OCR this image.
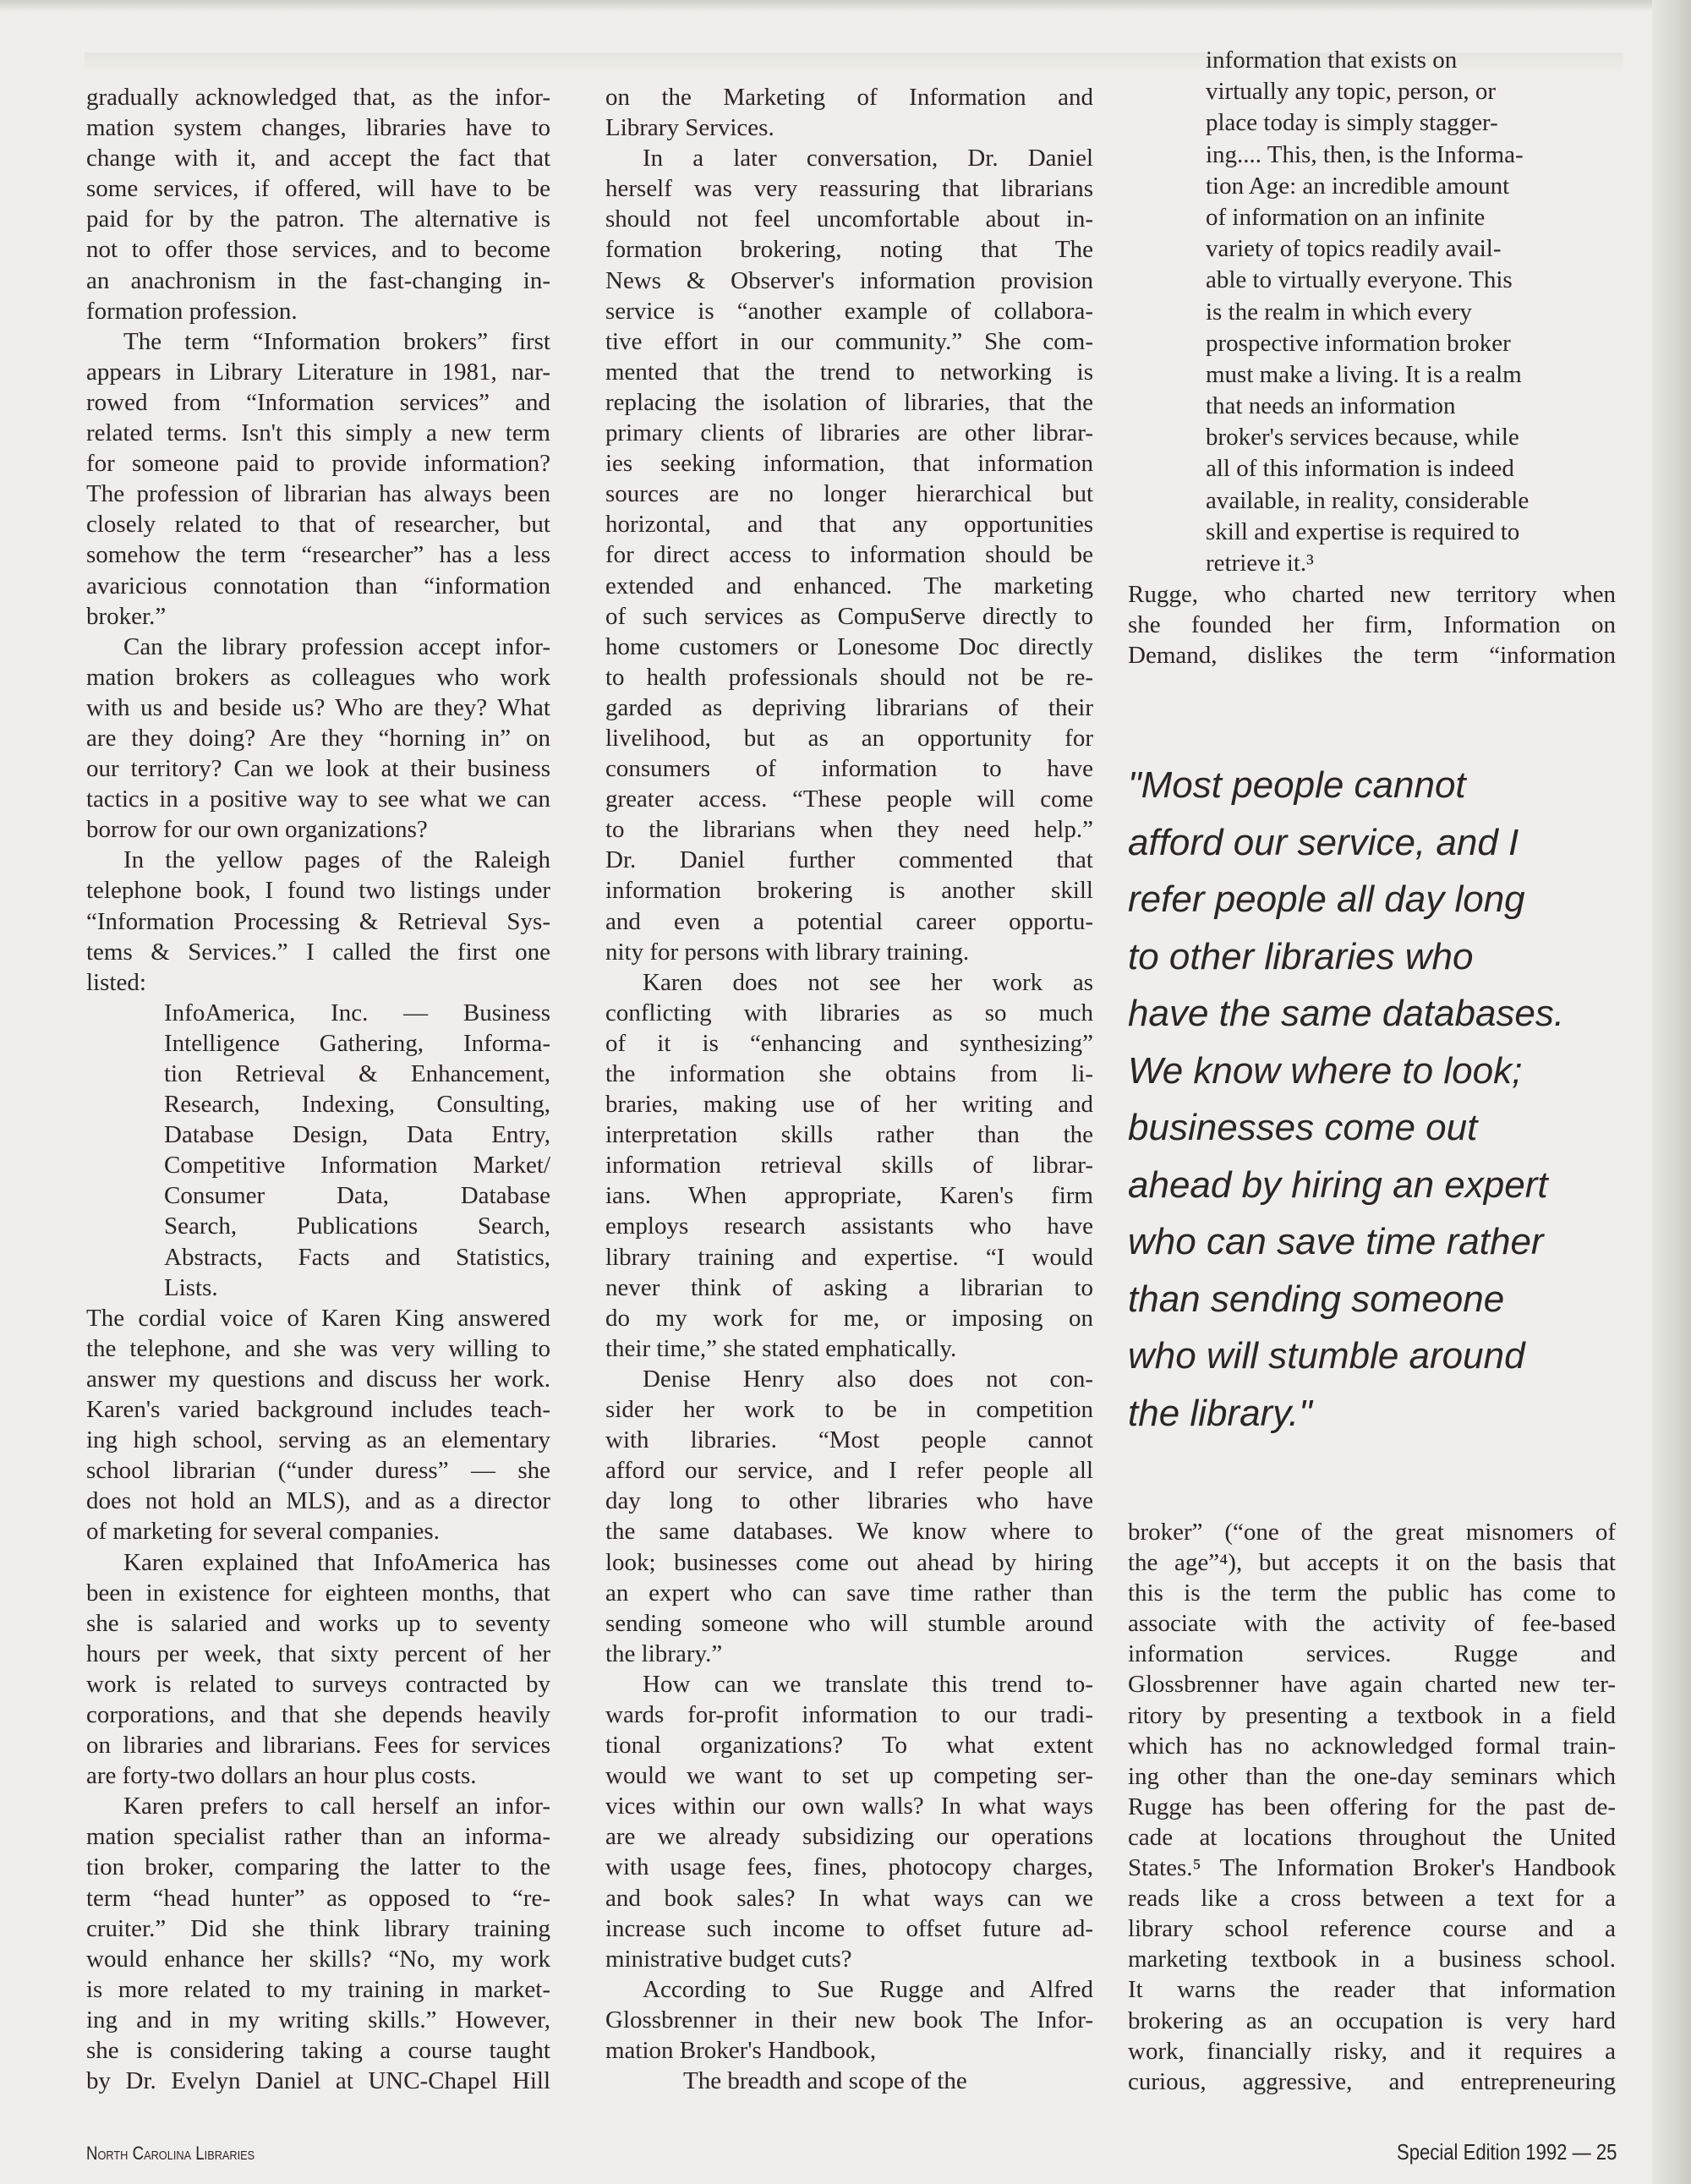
gradually acknowledged that, as the infor-
mation system changes, libraries have to
change with it, and accept the fact that
some services, if offered, will have to be
paid for by the patron. The alternative is
not to offer those services, and to become
an anachronism in the fast-changing in-
formation profession.
The term “Information brokers” first
appears in Library Literature in 1981, nar-
rowed from “Information services” and
related terms. Isn't this simply a new term
for someone paid to provide information?
The profession of librarian has always been
closely related to that of researcher, but
somehow the term “researcher” has a less
avaricious connotation than “information
broker.”
Can the library profession accept infor-
mation brokers as colleagues who work
with us and beside us? Who are they? What
are they doing? Are they “horning in” on
our territory? Can we look at their business
tactics in a positive way to see what we can
borrow for our own organizations?
In the yellow pages of the Raleigh
telephone book, I found two listings under
“Information Processing & Retrieval Sys-
tems & Services.” I called the first one
listed:
InfoAmerica, Inc. — Business
Intelligence Gathering, Informa-
tion Retrieval & Enhancement,
Research, Indexing, Consulting,
Database Design, Data Entry,
Competitive Information Market/
Consumer Data, Database
Search, Publications Search,
Abstracts, Facts and Statistics,
Lists.
The cordial voice of Karen King answered
the telephone, and she was very willing to
answer my questions and discuss her work.
Karen's varied background includes teach-
ing high school, serving as an elementary
school librarian (“under duress” — she
does not hold an MLS), and as a director
of marketing for several companies.
Karen explained that InfoAmerica has
been in existence for eighteen months, that
she is salaried and works up to seventy
hours per week, that sixty percent of her
work is related to surveys contracted by
corporations, and that she depends heavily
on libraries and librarians. Fees for services
are forty-two dollars an hour plus costs.
Karen prefers to call herself an infor-
mation specialist rather than an informa-
tion broker, comparing the latter to the
term “head hunter” as opposed to “re-
cruiter.” Did she think library training
would enhance her skills? “No, my work
is more related to my training in market-
ing and in my writing skills.” However,
she is considering taking a course taught
by Dr. Evelyn Daniel at UNC-Chapel Hill
on the Marketing of Information and
Library Services.
In a later conversation, Dr. Daniel
herself was very reassuring that librarians
should not feel uncomfortable about in-
formation brokering, noting that The
News & Observer's information provision
service is “another example of collabora-
tive effort in our community.” She com-
mented that the trend to networking is
replacing the isolation of libraries, that the
primary clients of libraries are other librar-
ies seeking information, that information
sources are no longer hierarchical but
horizontal, and that any opportunities
for direct access to information should be
extended and enhanced. The marketing
of such services as CompuServe directly to
home customers or Lonesome Doc directly
to health professionals should not be re-
garded as depriving librarians of their
livelihood, but as an opportunity for
consumers of information to have
greater access. “These people will come
to the librarians when they need help.”
Dr. Daniel further commented that
information brokering is another skill
and even a potential career opportu-
nity for persons with library training.
Karen does not see her work as
conflicting with libraries as so much
of it is “enhancing and synthesizing”
the information she obtains from li-
braries, making use of her writing and
interpretation skills rather than the
information retrieval skills of librar-
ians. When appropriate, Karen's firm
employs research assistants who have
library training and expertise. “I would
never think of asking a librarian to
do my work for me, or imposing on
their time,” she stated emphatically.
Denise Henry also does not con-
sider her work to be in competition
with libraries. “Most people cannot
afford our service, and I refer people all
day long to other libraries who have
the same databases. We know where to
look; businesses come out ahead by hiring
an expert who can save time rather than
sending someone who will stumble around
the library.”
How can we translate this trend to-
wards for-profit information to our tradi-
tional organizations? To what extent
would we want to set up competing ser-
vices within our own walls? In what ways
are we already subsidizing our operations
with usage fees, fines, photocopy charges,
and book sales? In what ways can we
increase such income to offset future ad-
ministrative budget cuts?
According to Sue Rugge and Alfred
Glossbrenner in their new book The Infor-
mation Broker's Handbook,
The breadth and scope of the
information that exists on
virtually any topic, person, or
place today is simply stagger-
ing.... This, then, is the Informa-
tion Age: an incredible amount
of information on an infinite
variety of topics readily avail-
able to virtually everyone. This
is the realm in which every
prospective information broker
must make a living. It is a realm
that needs an information
broker's services because, while
all of this information is indeed
available, in reality, considerable
skill and expertise is required to
retrieve it.³
Rugge, who charted new territory when
she founded her firm, Information on
Demand, dislikes the term “information
"Most people cannot
afford our service, and I
refer people all day long
to other libraries who
have the same databases.
We know where to look;
businesses come out
ahead by hiring an expert
who can save time rather
than sending someone
who will stumble around
the library."
broker” (“one of the great misnomers of
the age”⁴), but accepts it on the basis that
this is the term the public has come to
associate with the activity of fee-based
information services. Rugge and
Glossbrenner have again charted new ter-
ritory by presenting a textbook in a field
which has no acknowledged formal train-
ing other than the one-day seminars which
Rugge has been offering for the past de-
cade at locations throughout the United
States.⁵ The Information Broker's Handbook
reads like a cross between a text for a
library school reference course and a
marketing textbook in a business school.
It warns the reader that information
brokering as an occupation is very hard
work, financially risky, and it requires a
curious, aggressive, and entrepreneuring
North Carolina Libraries	Special Edition 1992 — 25
